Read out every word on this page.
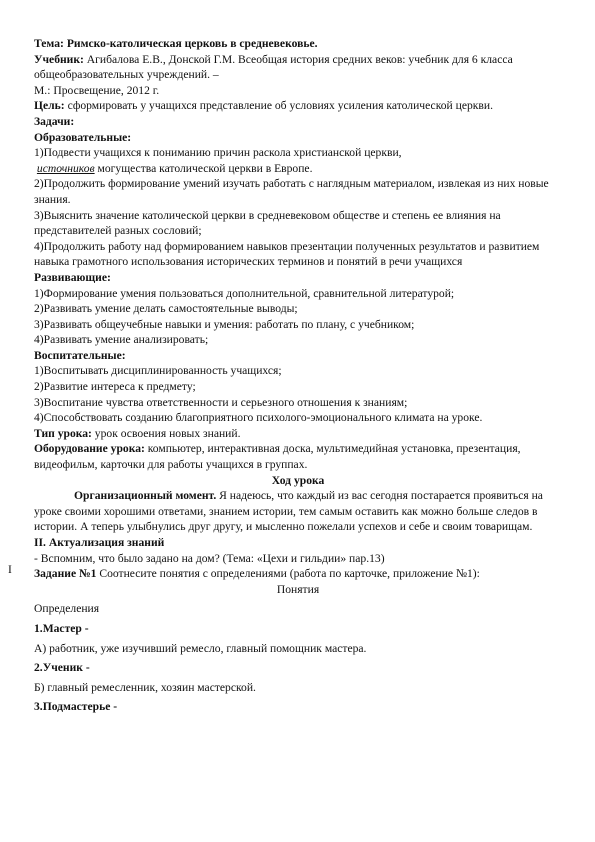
I

Тема: Римско-католическая церковь в средневековье.

Учебник: Агибалова Е.В., Донской Г.М. Всеобщая история средних веков: учебник для 6 класса общеобразовательных учреждений. –

М.: Просвещение, 2012 г.

Цель: сформировать у учащихся представление об условиях усиления католической церкви.

Задачи:

Образовательные:

1)Подвести учащихся к пониманию причин раскола христианской церкви,

источников могущества католической церкви в Европе.

2)Продолжить формирование умений изучать работать с наглядным материалом, извлекая из них новые знания.

3)Выяснить значение католической церкви в средневековом обществе и степень ее влияния на представителей разных сословий;

4)Продолжить работу над формированием навыков презентации полученных результатов и развитием навыка грамотного использования исторических терминов и понятий в речи учащихся

Развивающие:

1)Формирование умения пользоваться дополнительной, сравнительной литературой;

2)Развивать умение делать самостоятельные выводы;

3)Развивать общеучебные навыки и умения: работать по плану, с учебником;

4)Развивать умение анализировать;

Воспитательные:

1)Воспитывать дисциплинированность учащихся;

2)Развитие интереса к предмету;

3)Воспитание чувства ответственности и серьезного отношения к знаниям;

4)Способствовать созданию благоприятного психолого-эмоционального климата на уроке.

Тип урока: урок освоения новых знаний.

Оборудование урока: компьютер, интерактивная доска, мультимедийная установка, презентация, видеофильм, карточки для работы учащихся в группах.

Ход урока

Организационный момент. Я надеюсь, что каждый из вас сегодня постарается проявиться на уроке своими хорошими ответами, знанием истории, тем самым оставить как можно больше следов в истории. А теперь улыбнулись друг другу, и мысленно пожелали успехов и себе и своим товарищам.

II. Актуализация знаний

- Вспомним, что было задано на дом? (Тема: «Цехи и гильдии» пар.13)

Задание №1 Соотнесите понятия с определениями (работа по карточке, приложение №1):

Понятия

Определения

1.Мастер -

А) работник, уже изучивший ремесло, главный помощник мастера.

2.Ученик -

Б) главный ремесленник, хозяин мастерской.

3.Подмастерье -
